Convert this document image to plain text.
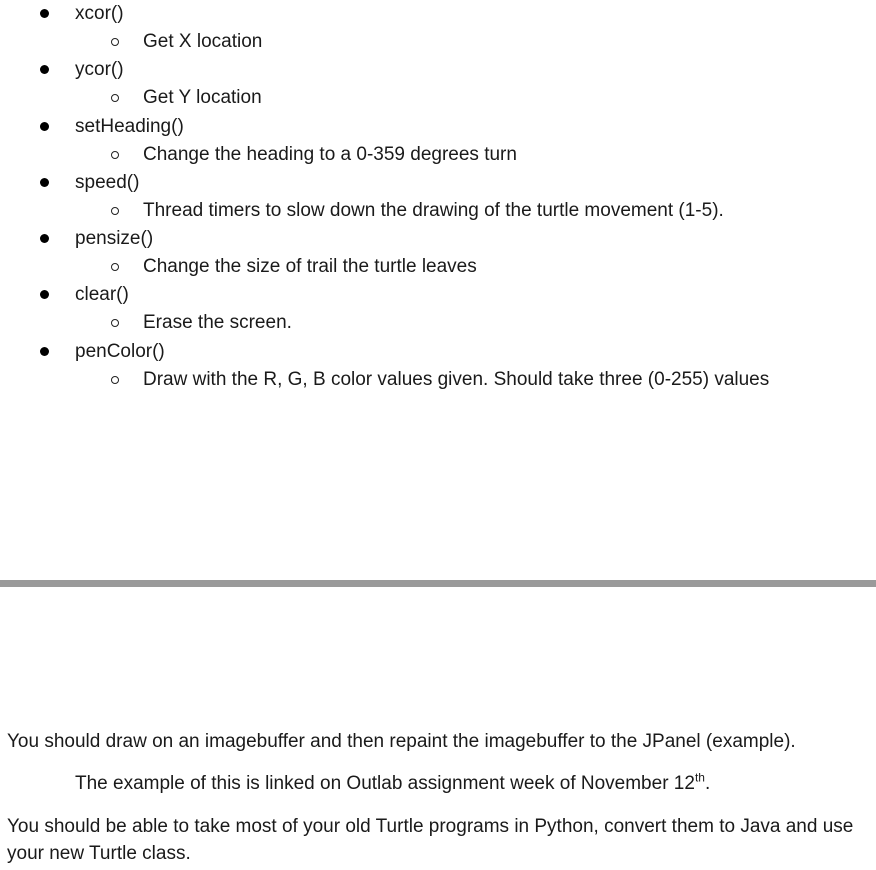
xcor()
Get X location
ycor()
Get Y location
setHeading()
Change the heading to a 0-359 degrees turn
speed()
Thread timers to slow down the drawing of the turtle movement (1-5).
pensize()
Change the size of trail the turtle leaves
clear()
Erase the screen.
penColor()
Draw with the R, G, B color values given. Should take three (0-255) values

You should draw on an imagebuffer and then repaint the imagebuffer to the JPanel (example).

The example of this is linked on Outlab assignment week of November 12th.

You should be able to take most of your old Turtle programs in Python, convert them to Java and use your new Turtle class.
